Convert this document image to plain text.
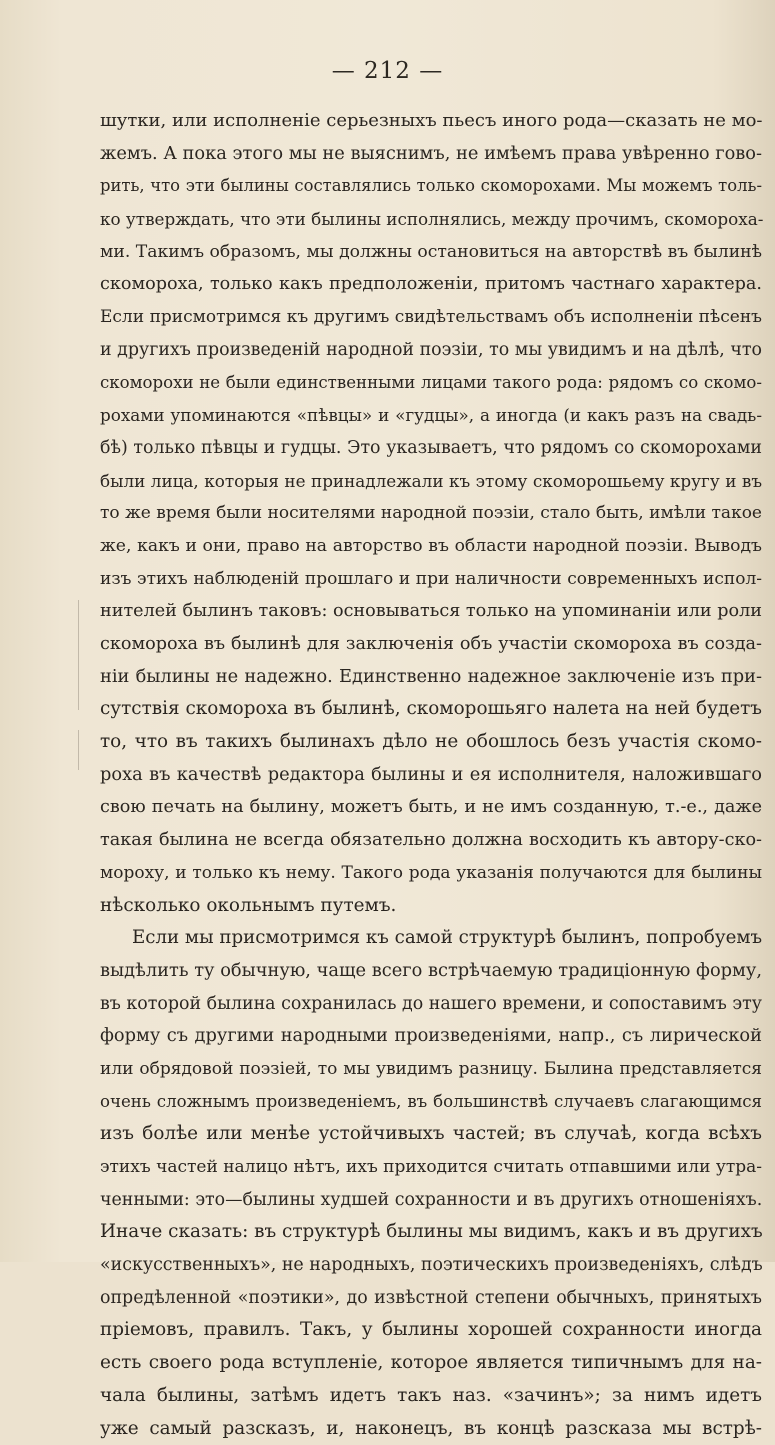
— 212 —
шутки, или исполненіе серьезныхъ пьесъ иного рода—сказать не мо-
жемъ. А пока этого мы не выяснимъ, не имѣемъ права увѣренно гово-
рить, что эти былины составлялись только скоморохами. Мы можемъ толь-
ко утверждать, что эти былины исполнялись, между прочимъ, скомороха-
ми. Такимъ образомъ, мы должны остановиться на авторствѣ въ былинѣ
скомороха, только какъ предположеніи, притомъ частнаго характера.
Если присмотримся къ другимъ свидѣтельствамъ объ исполненіи пѣсенъ
и другихъ произведеній народной поэзіи, то мы увидимъ и на дѣлѣ, что
скоморохи не были единственными лицами такого рода: рядомъ со скомо-
рохами упоминаются «пѣвцы» и «гудцы», а иногда (и какъ разъ на свадь-
бѣ) только пѣвцы и гудцы. Это указываетъ, что рядомъ со скоморохами
были лица, которыя не принадлежали къ этому скоморошьему кругу и въ
то же время были носителями народной поэзіи, стало быть, имѣли такое
же, какъ и они, право на авторство въ области народной поэзіи. Выводъ
изъ этихъ наблюденій прошлаго и при наличности современныхъ испол-
нителей былинъ таковъ: основываться только на упоминаніи или роли
скомороха въ былинѣ для заключенія объ участіи скомороха въ созда-
ніи былины не надежно. Единственно надежное заключеніе изъ при-
сутствія скомороха въ былинѣ, скоморошьяго налета на ней будетъ
то, что въ такихъ былинахъ дѣло не обошлось безъ участія скомо-
роха въ качествѣ редактора былины и ея исполнителя, наложившаго
свою печать на былину, можетъ быть, и не имъ созданную, т.-е., даже
такая былина не всегда обязательно должна восходить къ автору-ско-
мороху, и только къ нему. Такого рода указанія получаются для былины
нѣсколько окольнымъ путемъ.
Если мы присмотримся къ самой структурѣ былинъ, попробуемъ
выдѣлить ту обычную, чаще всего встрѣчаемую традиціонную форму,
въ которой былина сохранилась до нашего времени, и сопоставимъ эту
форму съ другими народными произведеніями, напр., съ лирической
или обрядовой поэзіей, то мы увидимъ разницу. Былина представляется
очень сложнымъ произведеніемъ, въ большинствѣ случаевъ слагающимся
изъ болѣе или менѣе устойчивыхъ частей; въ случаѣ, когда всѣхъ
этихъ частей налицо нѣтъ, ихъ приходится считать отпавшими или утра-
ченными: это—былины худшей сохранности и въ другихъ отношеніяхъ.
Иначе сказать: въ структурѣ былины мы видимъ, какъ и въ другихъ
«искусственныхъ», не народныхъ, поэтическихъ произведеніяхъ, слѣдъ
опредѣленной «поэтики», до извѣстной степени обычныхъ, принятыхъ
пріемовъ, правилъ. Такъ, у былины хорошей сохранности иногда
есть своего рода вступленіе, которое является типичнымъ для на-
чала былины, затѣмъ идетъ такъ наз. «зачинъ»; за нимъ идетъ
уже самый разсказъ, и, наконецъ, въ концѣ разсказа мы встрѣ-
